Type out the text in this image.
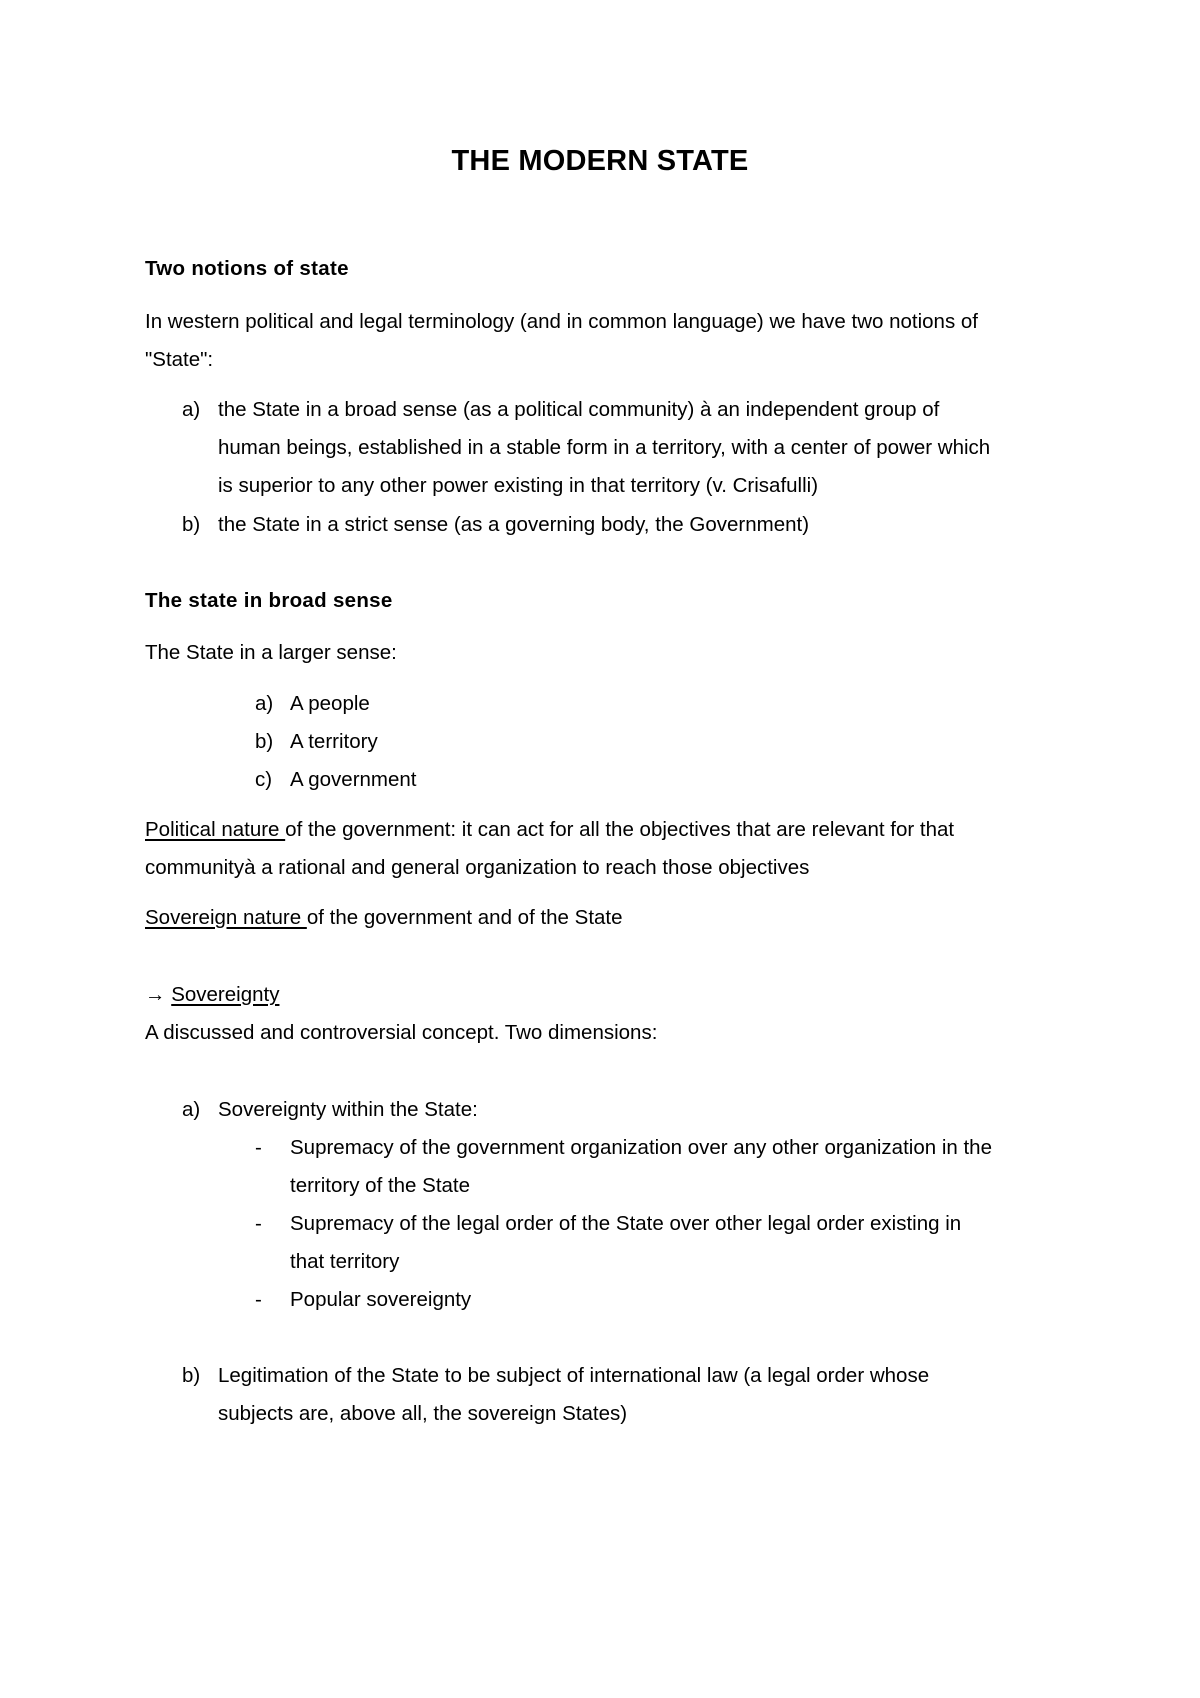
THE MODERN STATE
Two notions of state
In western political and legal terminology (and in common language) we have two notions of
"State":
a) the State in a broad sense (as a political community) à an independent group of
human beings, established in a stable form in a territory, with a center of power which
is superior to any other power existing in that territory (v. Crisafulli)
b) the State in a strict sense (as a governing body, the Government)
The state in broad sense
The State in a larger sense:
a) A people
b) A territory
c) A government
Political nature of the government: it can act for all the objectives that are relevant for that
communityà a rational and general organization to reach those objectives
Sovereign nature of the government and of the State
→ Sovereignty
A discussed and controversial concept. Two dimensions:
a) Sovereignty within the State:
- Supremacy of the government organization over any other organization in the
territory of the State
- Supremacy of the legal order of the State over other legal order existing in
that territory
- Popular sovereignty
b) Legitimation of the State to be subject of international law (a legal order whose
subjects are, above all, the sovereign States)
